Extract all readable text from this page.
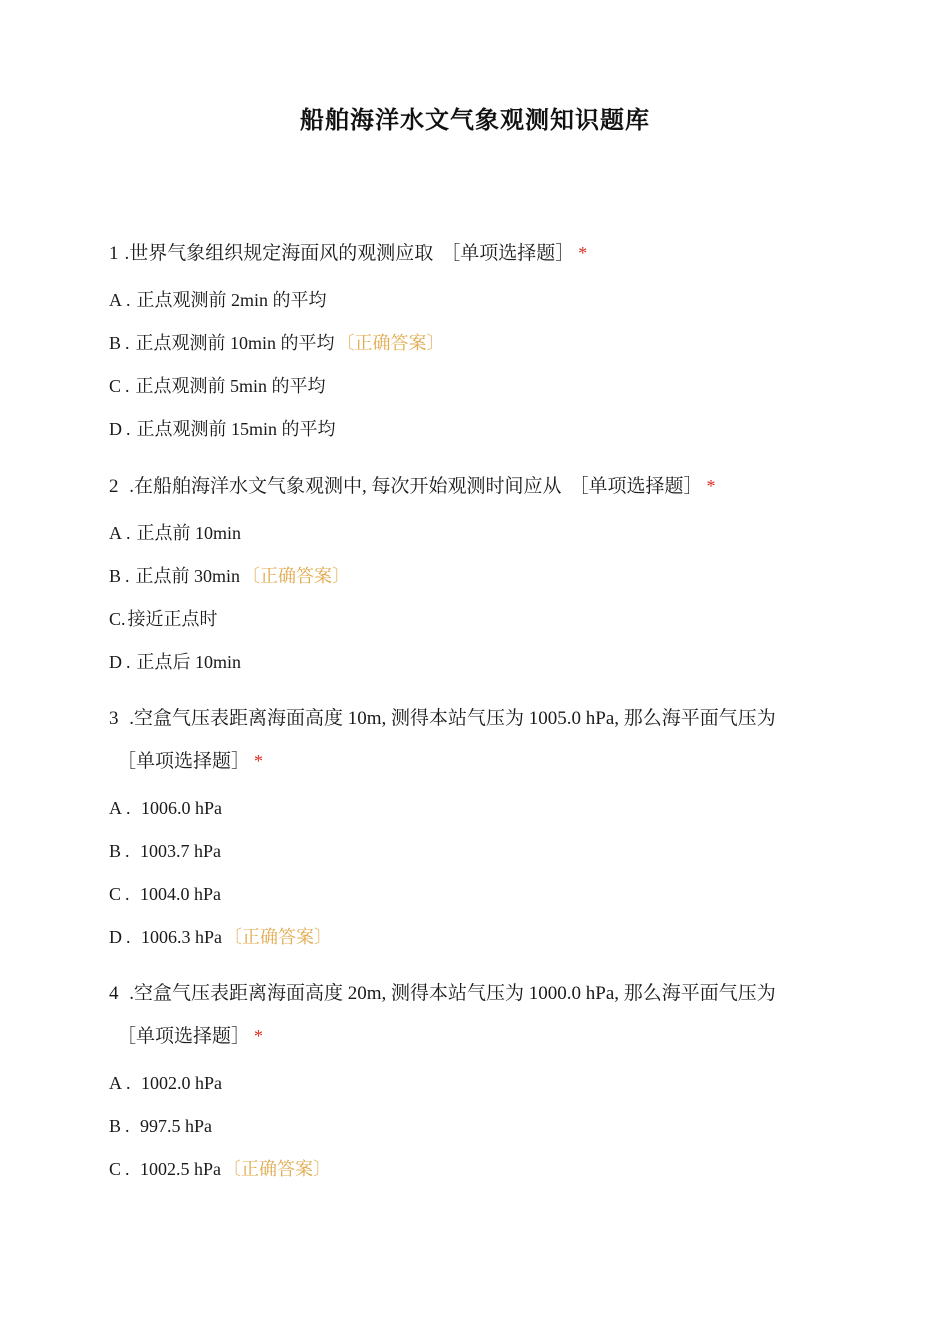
船舶海洋水文气象观测知识题库
1 .世界气象组织规定海面风的观测应取 ［单项选择题］ *
A . 正点观测前 2min 的平均
B . 正点观测前 10min 的平均 〔正确答案〕
C . 正点观测前 5min 的平均
D . 正点观测前 15min 的平均
2 .在船舶海洋水文气象观测中, 每次开始观测时间应从 ［单项选择题］ *
A . 正点前 10min
B . 正点前 30min 〔正确答案〕
C. 接近正点时
D . 正点后 10min
3 .空盒气压表距离海面高度 10m, 测得本站气压为 1005.0 hPa, 那么海平面气压为
［单项选择题］ *
A . 1006.0 hPa
B . 1003.7 hPa
C . 1004.0 hPa
D . 1006.3 hPa 〔正确答案〕
4 .空盒气压表距离海面高度 20m, 测得本站气压为 1000.0 hPa, 那么海平面气压为
［单项选择题］ *
A . 1002.0 hPa
B . 997.5 hPa
C . 1002.5 hPa 〔正确答案〕
